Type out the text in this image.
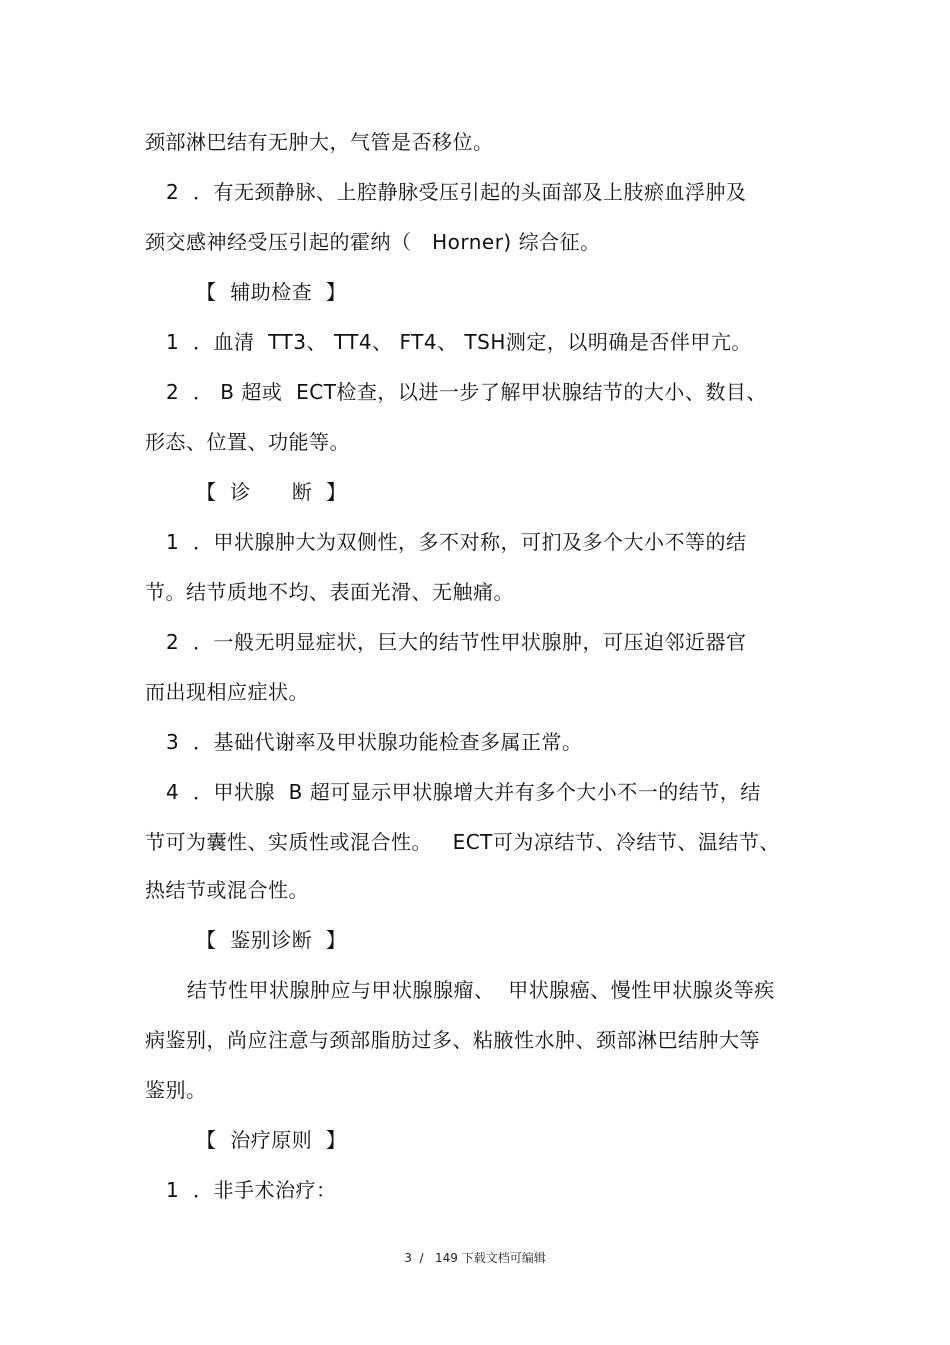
颈部淋巴结有无肿大，气管是否移位。
2  ．有无颈静脉、上腔静脉受压引起的头面部及上肢瘀血浮肿及
颈交感神经受压引起的霍纳（   Horner) 综合征。
【  辅助检查  】
1  ．血清  TT3、 TT4、 FT4、 TSH测定，以明确是否伴甲亢。
2  ． B 超或  ECT检查，以进一步了解甲状腺结节的大小、数目、
形态、位置、功能等。
【  诊      断  】
1  ．甲状腺肿大为双侧性，多不对称，可扪及多个大小不等的结
节。结节质地不均、表面光滑、无触痛。
2  ．一般无明显症状，巨大的结节性甲状腺肿，可压迫邻近器官
而出现相应症状。
3  ．基础代谢率及甲状腺功能检查多属正常。
4  ．甲状腺  B 超可显示甲状腺增大并有多个大小不一的结节，结
节可为囊性、实质性或混合性。   ECT可为凉结节、冷结节、温结节、
热结节或混合性。
【  鉴别诊断  】
结节性甲状腺肿应与甲状腺腺瘤、  甲状腺癌、慢性甲状腺炎等疾
病鉴别，尚应注意与颈部脂肪过多、粘腋性水肿、颈部淋巴结肿大等
鉴别。
【  治疗原则  】
1  ．非手术治疗：
3  /   149 下载文档可编辑
